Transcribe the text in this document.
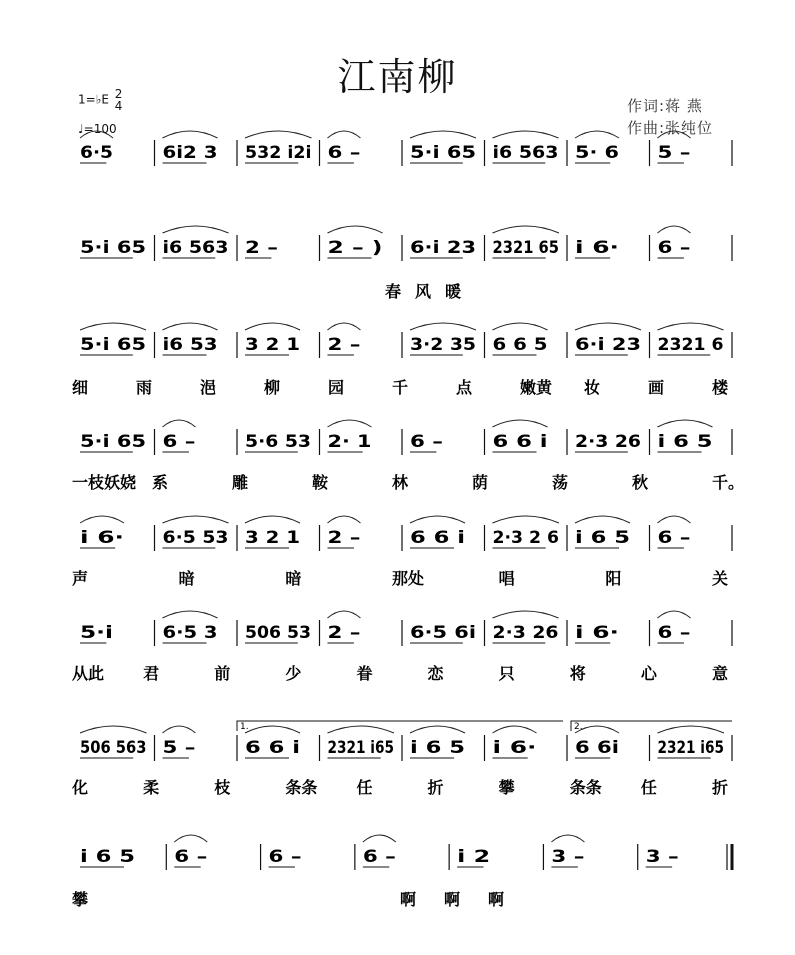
江南柳
1=♭E 2
4
♩=100
作词:蒋 燕
作曲:张纯位
6·5	6i2 3 532 i2i 6 –	5·i 65 i6 563 5· 6 5 –
5·i 65 i6 563 2 –	2 – ) 6·i 23 2321 65 i 6· 6 –
春 风 暖
5·i 65 i6 53 3 2 1 2 –	3·2 35 6 6 5 6·i 23 2321 6
细	雨	浥	柳	园	千	点	嫩黄 妆	画	楼
5·i 65 6 –	5·6 53 2· 1 6 –	6 6 i 2·3 26 i 6 5
一枝妖娆 系	雕	鞍	林	荫	荡	秋	千。
i 6· 6·5 53 3 2 1 2 –	6 6 i 2·3 2 6 i 6 5 6 –
声	暗	暗	那处	唱	阳	关
5·i	6·5 3 506 53 2 –	6·5 6i 2·3 26 i 6· 6 –
从此 君	前	少	眷	恋	只	将	心	意
506 563 5 –	6 6 i 2321 i65 i 6 5 i 6· 6 6i 2321 i65
1.	2.
化	柔	枝	条条 任	折	攀	条条 任	折
i 6 5 6 –	6 –	6 –	i 2	3 –	3 –
攀	啊 啊 啊
